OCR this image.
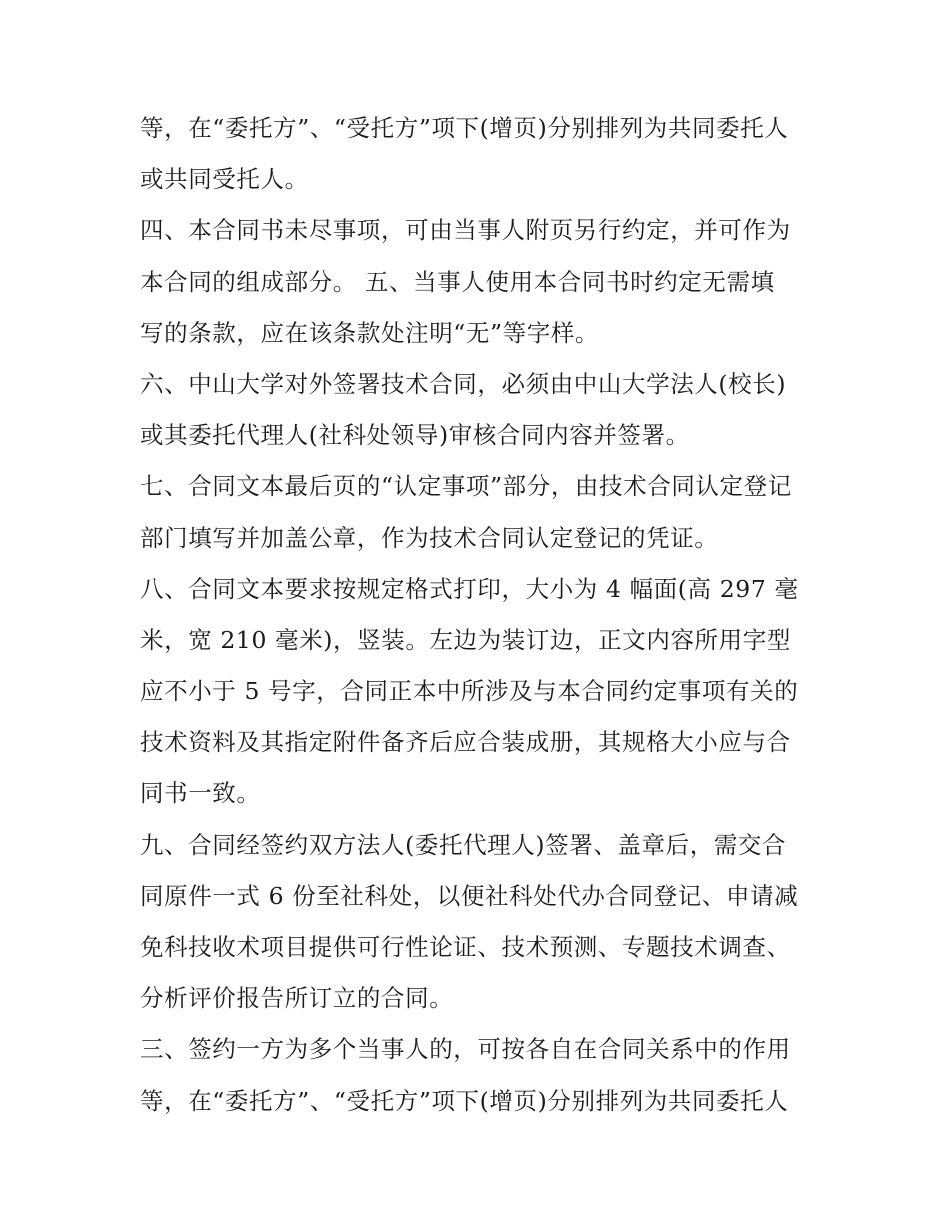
等，在“委托方”、“受托方”项下(增页)分别排列为共同委托人
或共同受托人。
四、本合同书未尽事项，可由当事人附页另行约定，并可作为
本合同的组成部分。 五、当事人使用本合同书时约定无需填
写的条款，应在该条款处注明“无”等字样。
六、中山大学对外签署技术合同，必须由中山大学法人(校长)
或其委托代理人(社科处领导)审核合同内容并签署。
七、合同文本最后页的“认定事项”部分，由技术合同认定登记
部门填写并加盖公章，作为技术合同认定登记的凭证。
八、合同文本要求按规定格式打印，大小为 4 幅面(高 297 毫
米，宽 210 毫米)，竖装。左边为装订边，正文内容所用字型
应不小于 5 号字，合同正本中所涉及与本合同约定事项有关的
技术资料及其指定附件备齐后应合装成册，其规格大小应与合
同书一致。
九、合同经签约双方法人(委托代理人)签署、盖章后，需交合
同原件一式 6 份至社科处，以便社科处代办合同登记、申请减
免科技收术项目提供可行性论证、技术预测、专题技术调查、
分析评价报告所订立的合同。
三、签约一方为多个当事人的，可按各自在合同关系中的作用
等，在“委托方”、“受托方”项下(增页)分别排列为共同委托人
